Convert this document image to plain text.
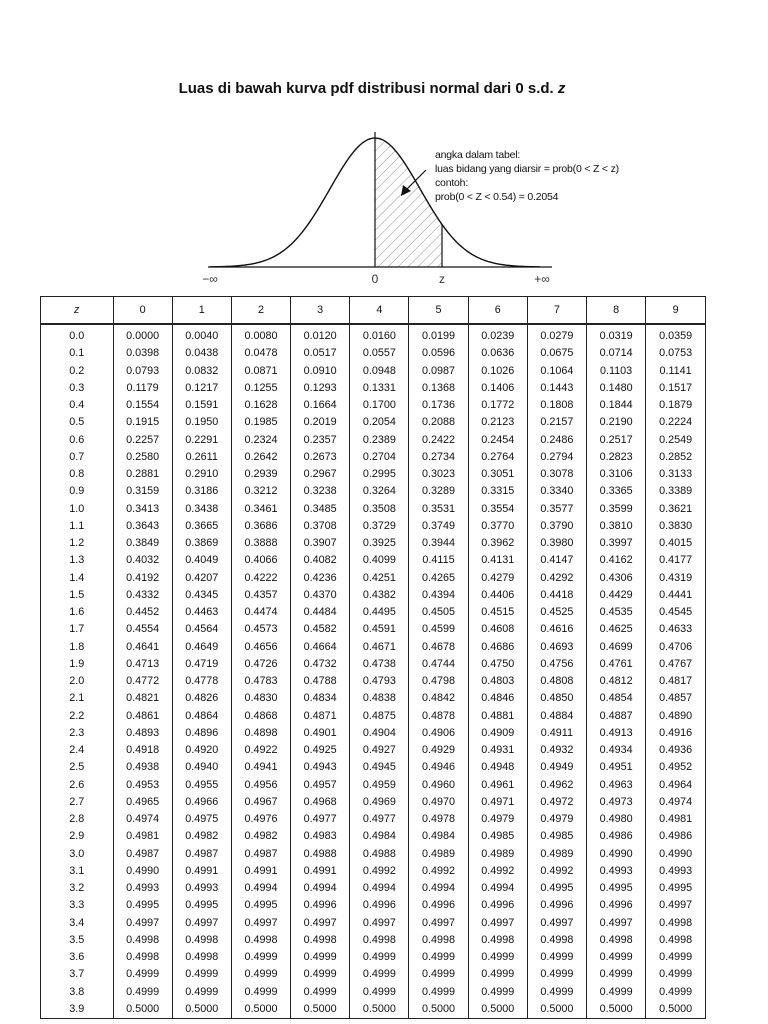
Luas di bawah kurva pdf distribusi normal dari 0 s.d. z
−∞	0	z	+∞
angka dalam tabel:
luas bidang yang diarsir = prob(0 < Z < z)
contoh:
prob(0 < Z < 0.54) = 0.2054
z	0	1	2	3	4	5	6	7	8	9
0.0	0.0000	0.0040	0.0080	0.0120	0.0160	0.0199	0.0239	0.0279	0.0319	0.0359
0.1	0.0398	0.0438	0.0478	0.0517	0.0557	0.0596	0.0636	0.0675	0.0714	0.0753
0.2	0.0793	0.0832	0.0871	0.0910	0.0948	0.0987	0.1026	0.1064	0.1103	0.1141
0.3	0.1179	0.1217	0.1255	0.1293	0.1331	0.1368	0.1406	0.1443	0.1480	0.1517
0.4	0.1554	0.1591	0.1628	0.1664	0.1700	0.1736	0.1772	0.1808	0.1844	0.1879
0.5	0.1915	0.1950	0.1985	0.2019	0.2054	0.2088	0.2123	0.2157	0.2190	0.2224
0.6	0.2257	0.2291	0.2324	0.2357	0.2389	0.2422	0.2454	0.2486	0.2517	0.2549
0.7	0.2580	0.2611	0.2642	0.2673	0.2704	0.2734	0.2764	0.2794	0.2823	0.2852
0.8	0.2881	0.2910	0.2939	0.2967	0.2995	0.3023	0.3051	0.3078	0.3106	0.3133
0.9	0.3159	0.3186	0.3212	0.3238	0.3264	0.3289	0.3315	0.3340	0.3365	0.3389
1.0	0.3413	0.3438	0.3461	0.3485	0.3508	0.3531	0.3554	0.3577	0.3599	0.3621
1.1	0.3643	0.3665	0.3686	0.3708	0.3729	0.3749	0.3770	0.3790	0.3810	0.3830
1.2	0.3849	0.3869	0.3888	0.3907	0.3925	0.3944	0.3962	0.3980	0.3997	0.4015
1.3	0.4032	0.4049	0.4066	0.4082	0.4099	0.4115	0.4131	0.4147	0.4162	0.4177
1.4	0.4192	0.4207	0.4222	0.4236	0.4251	0.4265	0.4279	0.4292	0.4306	0.4319
1.5	0.4332	0.4345	0.4357	0.4370	0.4382	0.4394	0.4406	0.4418	0.4429	0.4441
1.6	0.4452	0.4463	0.4474	0.4484	0.4495	0.4505	0.4515	0.4525	0.4535	0.4545
1.7	0.4554	0.4564	0.4573	0.4582	0.4591	0.4599	0.4608	0.4616	0.4625	0.4633
1.8	0.4641	0.4649	0.4656	0.4664	0.4671	0.4678	0.4686	0.4693	0.4699	0.4706
1.9	0.4713	0.4719	0.4726	0.4732	0.4738	0.4744	0.4750	0.4756	0.4761	0.4767
2.0	0.4772	0.4778	0.4783	0.4788	0.4793	0.4798	0.4803	0.4808	0.4812	0.4817
2.1	0.4821	0.4826	0.4830	0.4834	0.4838	0.4842	0.4846	0.4850	0.4854	0.4857
2.2	0.4861	0.4864	0.4868	0.4871	0.4875	0.4878	0.4881	0.4884	0.4887	0.4890
2.3	0.4893	0.4896	0.4898	0.4901	0.4904	0.4906	0.4909	0.4911	0.4913	0.4916
2.4	0.4918	0.4920	0.4922	0.4925	0.4927	0.4929	0.4931	0.4932	0.4934	0.4936
2.5	0.4938	0.4940	0.4941	0.4943	0.4945	0.4946	0.4948	0.4949	0.4951	0.4952
2.6	0.4953	0.4955	0.4956	0.4957	0.4959	0.4960	0.4961	0.4962	0.4963	0.4964
2.7	0.4965	0.4966	0.4967	0.4968	0.4969	0.4970	0.4971	0.4972	0.4973	0.4974
2.8	0.4974	0.4975	0.4976	0.4977	0.4977	0.4978	0.4979	0.4979	0.4980	0.4981
2.9	0.4981	0.4982	0.4982	0.4983	0.4984	0.4984	0.4985	0.4985	0.4986	0.4986
3.0	0.4987	0.4987	0.4987	0.4988	0.4988	0.4989	0.4989	0.4989	0.4990	0.4990
3.1	0.4990	0.4991	0.4991	0.4991	0.4992	0.4992	0.4992	0.4992	0.4993	0.4993
3.2	0.4993	0.4993	0.4994	0.4994	0.4994	0.4994	0.4994	0.4995	0.4995	0.4995
3.3	0.4995	0.4995	0.4995	0.4996	0.4996	0.4996	0.4996	0.4996	0.4996	0.4997
3.4	0.4997	0.4997	0.4997	0.4997	0.4997	0.4997	0.4997	0.4997	0.4997	0.4998
3.5	0.4998	0.4998	0.4998	0.4998	0.4998	0.4998	0.4998	0.4998	0.4998	0.4998
3.6	0.4998	0.4998	0.4999	0.4999	0.4999	0.4999	0.4999	0.4999	0.4999	0.4999
3.7	0.4999	0.4999	0.4999	0.4999	0.4999	0.4999	0.4999	0.4999	0.4999	0.4999
3.8	0.4999	0.4999	0.4999	0.4999	0.4999	0.4999	0.4999	0.4999	0.4999	0.4999
3.9	0.5000	0.5000	0.5000	0.5000	0.5000	0.5000	0.5000	0.5000	0.5000	0.5000
